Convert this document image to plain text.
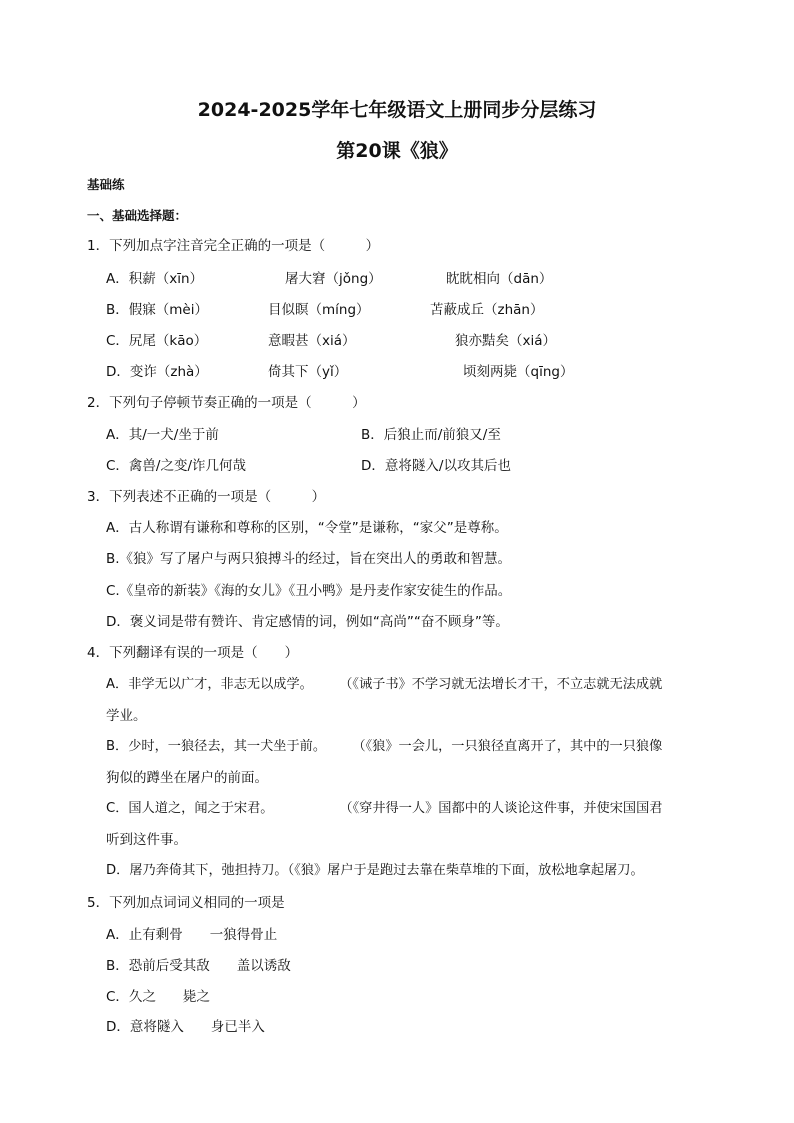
2024-2025学年七年级语文上册同步分层练习
第20课《狼》
基础练
一、基础选择题：
1．下列加点字注音完全正确的一项是（　　　）
A．积薪（xīn）	屠大窘（jǒng）	眈眈相向（dān）
B．假寐（mèi）	目似瞑（míng）	苫蔽成丘（zhān）
C．尻尾（kāo）	意暇甚（xiá）	狼亦黠矣（xiá）
D．变诈（zhà）	倚其下（yǐ）	顷刻两毙（qīng）
2．下列句子停顿节奏正确的一项是（　　　）
A．其/一犬/坐于前	B．后狼止而/前狼又/至
C．禽兽/之变/诈几何哉	D．意将隧入/以攻其后也
3．下列表述不正确的一项是（　　　）
A．古人称谓有谦称和尊称的区别，“令堂”是谦称，“家父”是尊称。
B.《狼》写了屠户与两只狼搏斗的经过，旨在突出人的勇敢和智慧。
C.《皇帝的新装》《海的女儿》《丑小鸭》是丹麦作家安徒生的作品。
D．褒义词是带有赞许、肯定感情的词，例如“高尚”“奋不顾身”等。
4．下列翻译有误的一项是（　　）
A．非学无以广才，非志无以成学。　　　（《诫子书》不学习就无法增长才干，不立志就无法成就
学业。
B．少时，一狼径去，其一犬坐于前。　　　（《狼》一会儿，一只狼径直离开了，其中的一只狼像
狗似的蹲坐在屠户的前面。
C．国人道之，闻之于宋君。　　　　　　（《穿井得一人》国都中的人谈论这件事，并使宋国国君
听到这件事。
D．屠乃奔倚其下，弛担持刀。（《狼》屠户于是跑过去靠在柴草堆的下面，放松地拿起屠刀。
5．下列加点词词义相同的一项是
A．止有剩骨　　一狼得骨止
B．恐前后受其敌　　盖以诱敌
C．久之　　毙之
D．意将隧入　　身已半入
